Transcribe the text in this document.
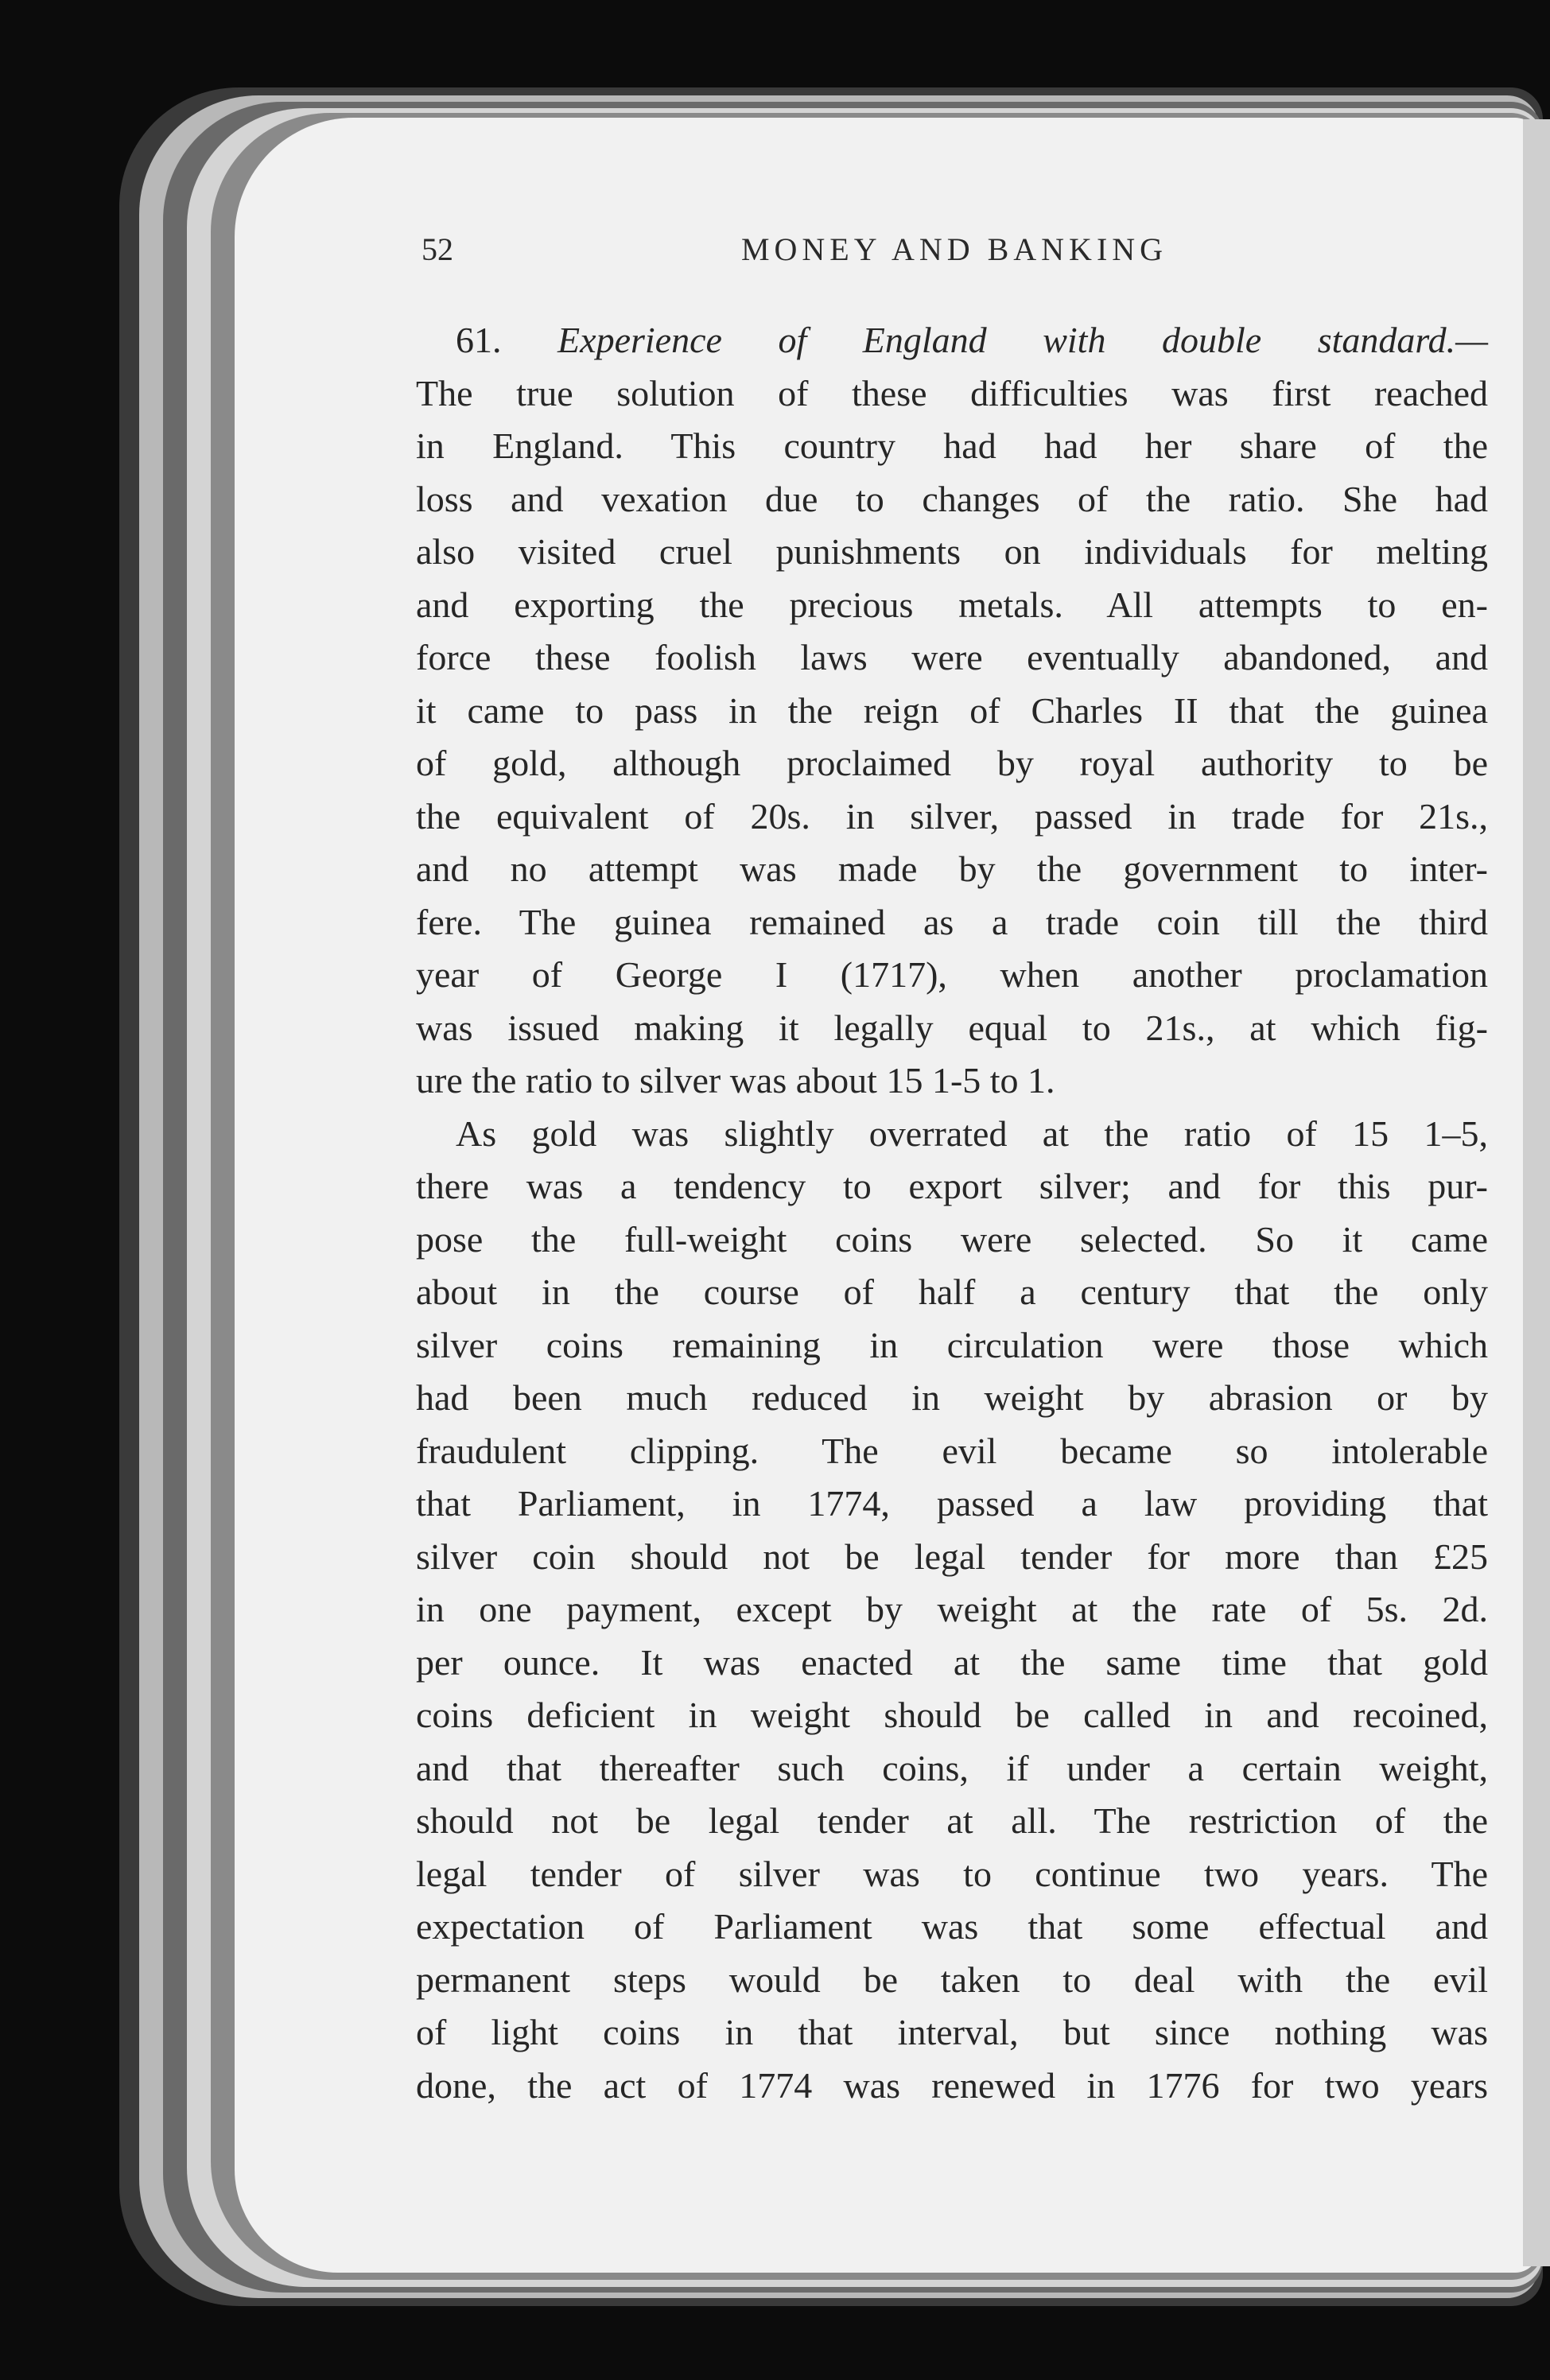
52	MONEY AND BANKING
61. Experience of England with double standard.—
The true solution of these difficulties was first reached
in England. This country had had her share of the
loss and vexation due to changes of the ratio. She had
also visited cruel punishments on individuals for melting
and exporting the precious metals. All attempts to en-
force these foolish laws were eventually abandoned, and
it came to pass in the reign of Charles II that the guinea
of gold, although proclaimed by royal authority to be
the equivalent of 20s. in silver, passed in trade for 21s.,
and no attempt was made by the government to inter-
fere. The guinea remained as a trade coin till the third
year of George I (1717), when another proclamation
was issued making it legally equal to 21s., at which fig-
ure the ratio to silver was about 15 1-5 to 1.
As gold was slightly overrated at the ratio of 15 1–5,
there was a tendency to export silver; and for this pur-
pose the full-weight coins were selected. So it came
about in the course of half a century that the only
silver coins remaining in circulation were those which
had been much reduced in weight by abrasion or by
fraudulent clipping. The evil became so intolerable
that Parliament, in 1774, passed a law providing that
silver coin should not be legal tender for more than £25
in one payment, except by weight at the rate of 5s. 2d.
per ounce. It was enacted at the same time that gold
coins deficient in weight should be called in and recoined,
and that thereafter such coins, if under a certain weight,
should not be legal tender at all. The restriction of the
legal tender of silver was to continue two years. The
expectation of Parliament was that some effectual and
permanent steps would be taken to deal with the evil
of light coins in that interval, but since nothing was
done, the act of 1774 was renewed in 1776 for two years
